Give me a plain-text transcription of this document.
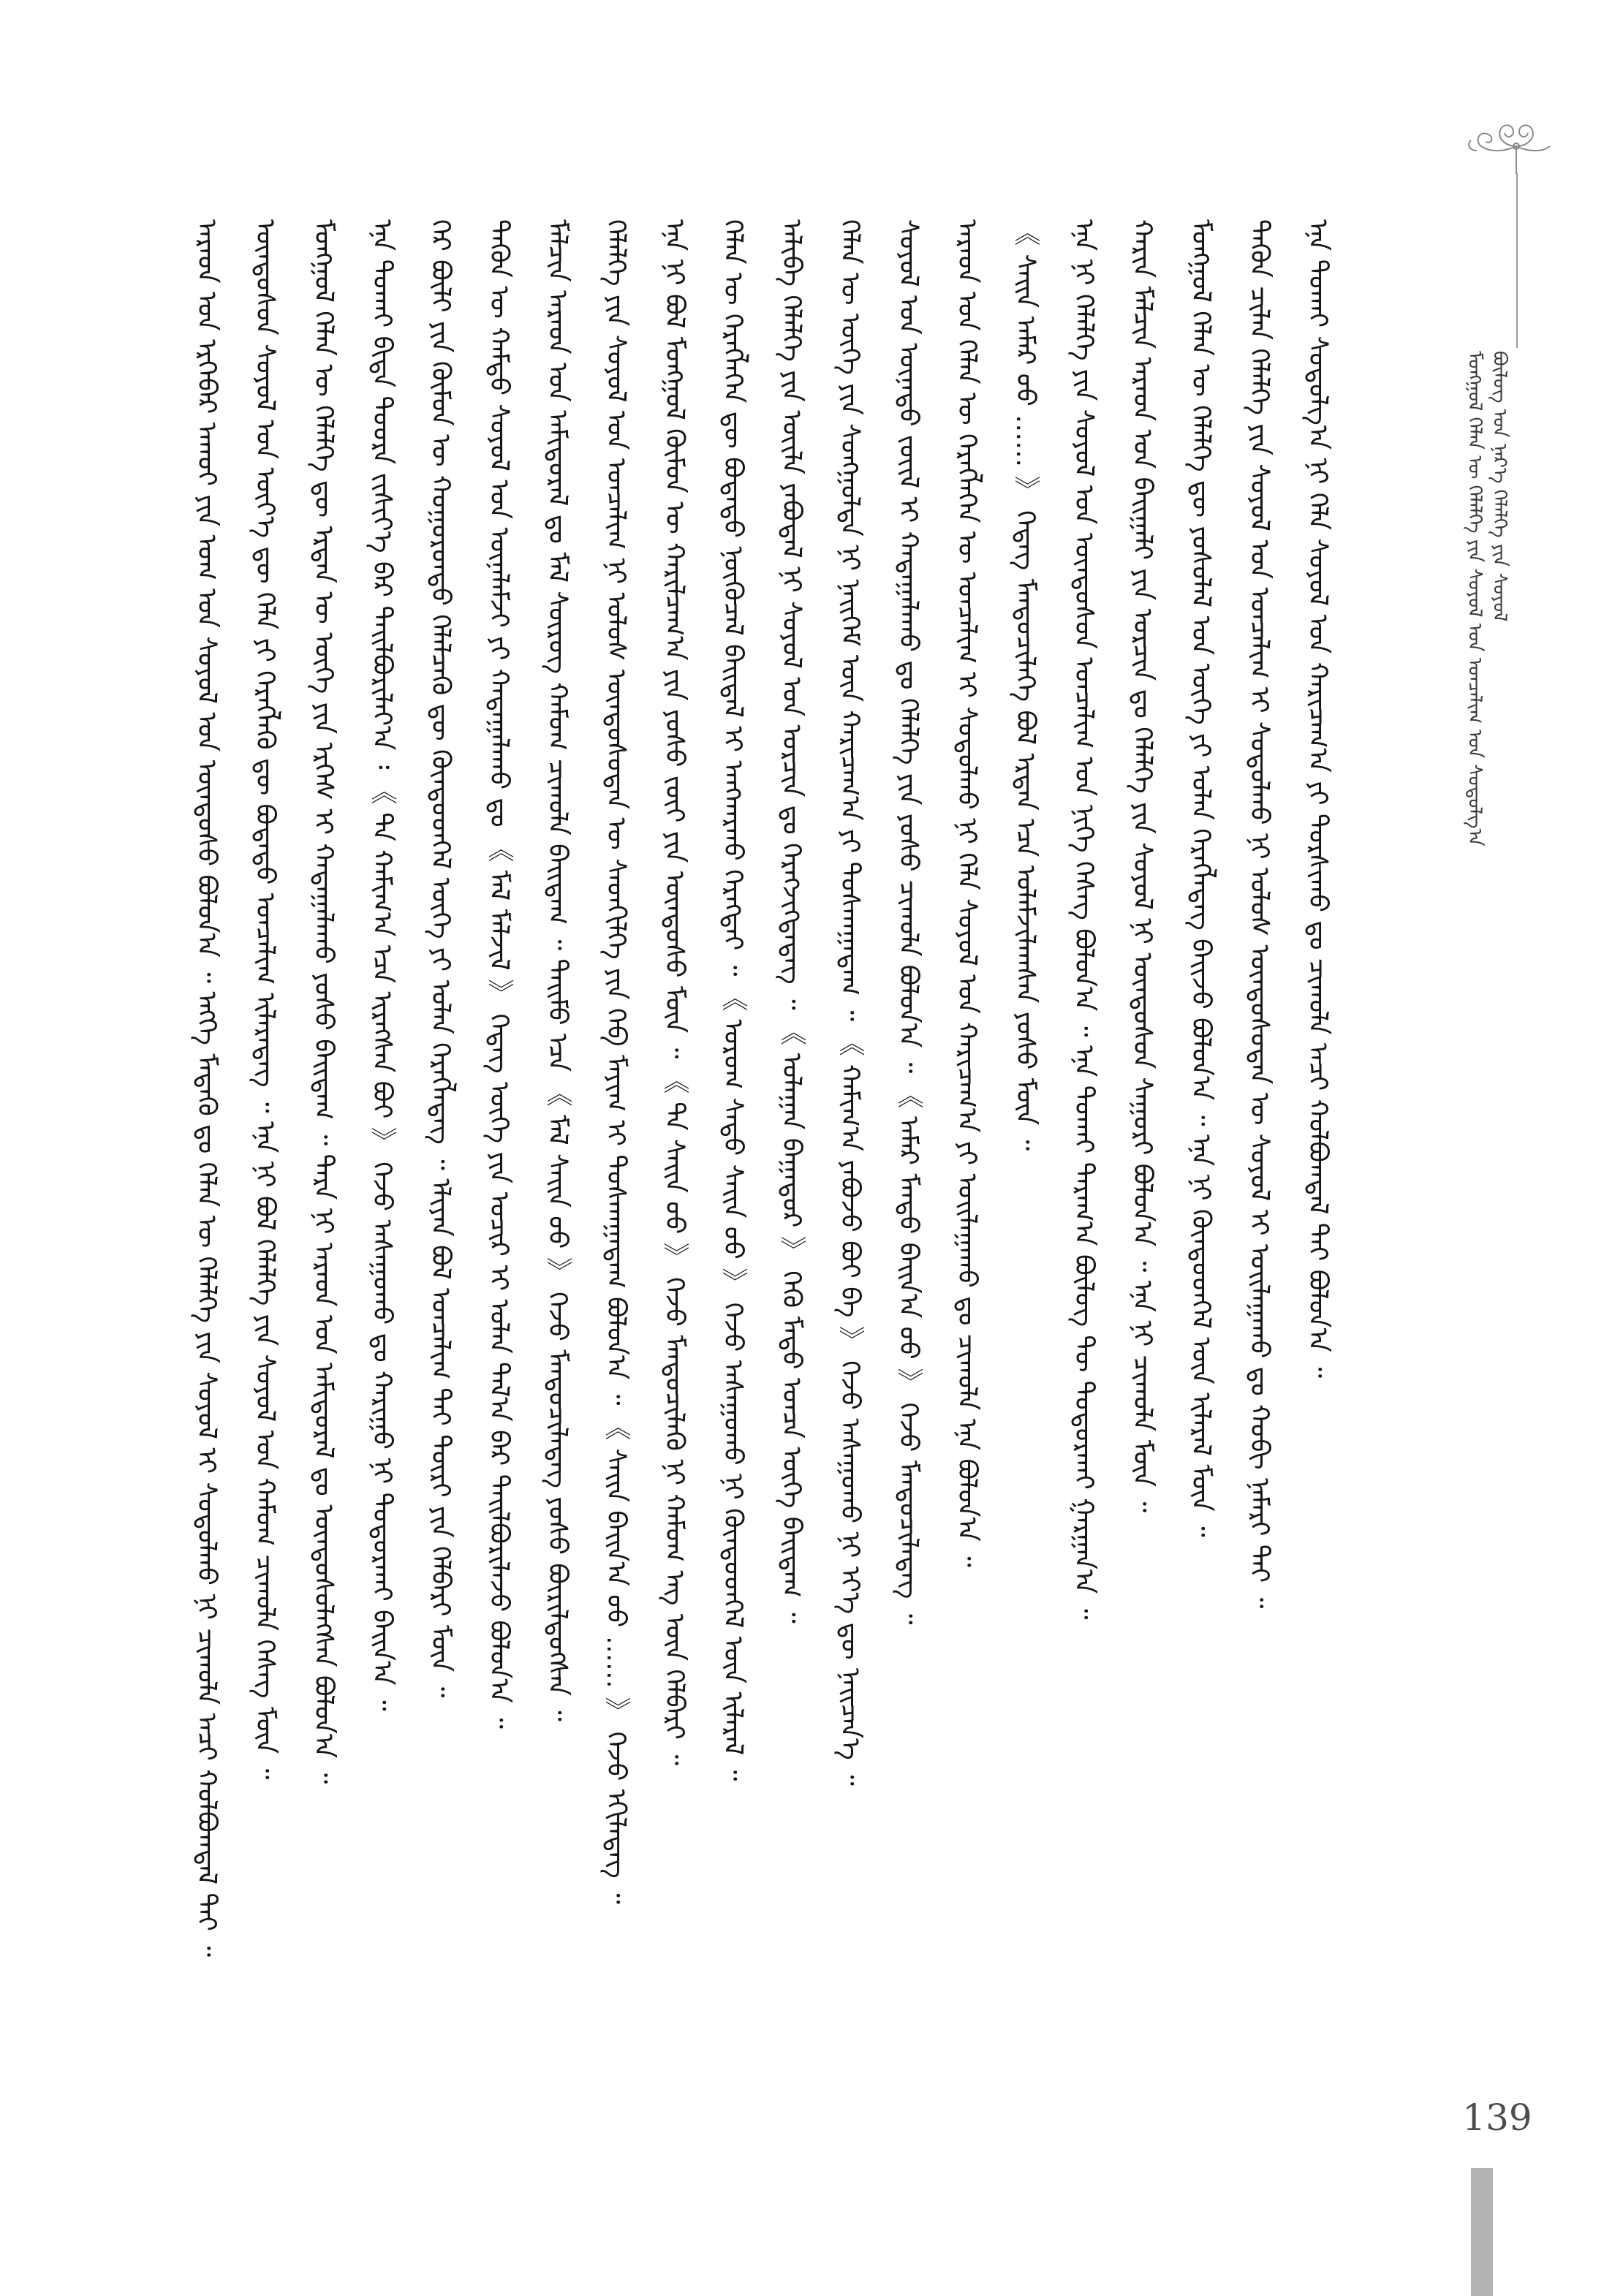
ᠮᠣᠩᠭᠣᠯ ᠬᠡᠯᠡᠨ ᠦ ᠬᠡᠯᠡᠯᠭᠡ ᠶᠢᠨ ᠰᠣᠶᠣᠯ ᠤᠨ ᠣᠨᠴᠠᠯᠢᠭ ᠤᠨ ᠰᠤᠳᠤᠯᠭ᠎ᠠ ᠪᠦᠯᠦᠭ ᠤᠨ ᠨᠡᠷ᠎ᠡ ᠬᠡᠯᠡᠯᠭᠡ ᠶᠢᠨ ᠰᠣᠶᠣᠯ
ᠠᠷᠠᠳ ᠤᠨ ᠡᠷᠬᠡᠪᠡᠷ ᠠᠬᠤᠢ ᠶᠢᠨ ᠤᠭ ᠤᠨ ᠰᠣᠶᠣᠯ ᠤᠨ ᠦᠨᠳᠦᠰᠦ ᠪᠣᠯᠤᠨ᠎ᠠ ᠃ ᠡᠩᠭᠡ ᠮᠡᠳᠡᠬᠦ ᠳᠤ ᠬᠡᠯᠡᠨ ᠦ ᠬᠡᠯᠡᠯᠭᠡ ᠶᠢᠨ ᠰᠣᠶᠣᠯ ᠢ ᠰᠤᠳᠤᠯᠬᠤ ᠨᠢ ᠴᠢᠬᠤᠯᠠ ᠠᠴᠢ ᠬᠣᠯᠪᠣᠭᠳᠠᠯ ᠲᠠᠢ ᠃ ᠦᠨᠳᠦᠰᠦᠨ ᠰᠣᠶᠣᠯ ᠤᠨ ᠦᠶ᠎ᠡ ᠳᠦ ᠬᠡᠯᠡ ᠶᠢ ᠬᠡᠷᠡᠭᠯᠡᠬᠦ ᠳᠦ ᠪᠣᠳᠠᠲᠤ ᠣᠨᠴᠠᠯᠢᠭ ᠢᠯᠡᠷᠡᠳᠡᠭ ᠃ ᠡᠨᠡ ᠨᠢ ᠪᠣᠯ ᠬᠡᠯᠡᠯᠭᠡ ᠶᠢᠨ ᠰᠣᠶᠣᠯ ᠤᠨ ᠬᠠᠮᠤᠭ ᠴᠢᠬᠤᠯᠠ ᠬᠡᠰᠡᠭ ᠮᠥᠨ ᠃ ᠮᠣᠩᠭᠣᠯ ᠬᠡᠯᠡᠨ ᠦ ᠬᠡᠯᠡᠯᠭᠡ ᠳᠦ ᠡᠷᠲᠡᠨ ᠦ ᠦᠭᠡ ᠶᠢᠨ ᠡᠷᠬᠡᠰ ᠢ ᠬᠠᠳᠠᠭᠠᠯᠠᠬᠤ ᠶᠣᠰᠤ ᠪᠠᠢᠳᠠᠭ ᠃ ᠲᠡᠷᠡ ᠨᠢ ᠠᠷᠠᠳ ᠤᠨ ᠠᠮᠢᠳᠤᠷᠠᠯ ᠳᠤ ᠦᠨᠳᠦᠰᠦᠯᠡᠭᠰᠡᠨ ᠪᠣᠯᠤᠨ᠎ᠠ ᠃ ᠡᠨᠡ ᠲᠤᠬᠠᠢ ᠪᠢᠳᠡ ᠳᠣᠣᠷᠠ ᠵᠢᠱᠢᠶ᠎ᠡ ᠪᠡᠷ ᠲᠠᠢᠯᠪᠤᠷᠢᠯᠠᠶ᠎ᠠ ᠄ 《 ᠲᠠ ᠬᠠᠮᠢᠭ᠎ᠠ ᠡᠴᠡ ᠢᠷᠡᠭᠰᠡᠨ ᠪᠤᠢ 》 ᠭᠡᠵᠦ ᠠᠰᠠᠭᠤᠬᠤ ᠳᠤ ᠬᠠᠷᠢᠭᠤ ᠨᠢ ᠲᠣᠳᠣᠷᠬᠠᠢ ᠪᠠᠢᠨ᠎ᠠ ᠃ ᠭᠡᠷ ᠪᠦᠯᠢ ᠶᠢᠨ ᠬᠦᠮᠦᠨ ᠦ ᠬᠣᠭᠣᠷᠣᠨᠳᠤ ᠬᠡᠯᠡᠯᠴᠡᠬᠦ ᠳᠦ ᠬᠦᠨᠳᠦᠳᠬᠡᠯ ᠦᠭᠡ ᠶᠢ ᠣᠯᠠᠨ ᠬᠡᠷᠡᠭᠯᠡᠳᠡᠭ ᠃ ᠡᠯᠢᠶᠡᠨ ᠪᠣᠯ ᠣᠨᠴᠠᠯᠢᠭ ᠲᠠᠢ ᠳᠦᠷᠢ ᠶᠢᠨ ᠬᠡᠯᠪᠡᠷᠢ ᠮᠥᠨ ᠃ ᠲᠡᠭᠦᠨ ᠦ ᠬᠠᠮᠲᠤ ᠰᠣᠶᠣᠯ ᠤᠨ ᠦᠨᠡᠯᠡᠮᠵᠢ ᠶᠢ ᠬᠠᠳᠠᠭᠠᠯᠠᠬᠤ ᠳᠤ 《 ᠮᠠᠯ ᠮᠠᠯᠵᠢᠯ 》 ᠭᠡᠳᠡᠭ ᠦᠭᠡ ᠶᠢᠨ ᠤᠴᠢᠷ ᠢ ᠣᠯᠠᠨ ᠲᠠᠯ᠎ᠠ ᠪᠡᠷ ᠲᠠᠢᠯᠪᠤᠷᠢᠯᠠᠵᠤ ᠪᠣᠯᠤᠨ᠎ᠠ ᠃ ᠮᠠᠯᠴᠢᠨ ᠠᠷᠠᠳ ᠤᠨ ᠠᠮᠢᠳᠤᠷᠠᠯ ᠳᠤ ᠮᠠᠯ ᠰᠦᠷᠦᠭ ᠬᠠᠮᠤᠭ ᠴᠢᠬᠤᠯᠠ ᠪᠠᠢᠳᠠᠭ ᠃ ᠲᠡᠢᠮᠦ ᠡᠴᠡ 《 ᠮᠠᠯ ᠰᠠᠢᠨ ᠤᠤ 》 ᠭᠡᠵᠦ ᠮᠡᠨᠳᠦᠴᠢᠯᠡᠳᠡᠭ ᠶᠣᠰᠤ ᠪᠦᠷᠢᠯᠳᠦᠭᠰᠡᠨ ᠃ ᠬᠡᠯᠡᠯᠭᠡ ᠶᠢᠨ ᠰᠣᠶᠣᠯ ᠤᠨ ᠣᠨᠴᠠᠯᠢᠭ ᠨᠢ ᠤᠯᠤᠰ ᠦᠨᠳᠦᠰᠦᠲᠡᠨ ᠦ ᠰᠡᠳᠬᠢᠯᠭᠡ ᠶᠢᠨ ᠬᠡᠪ ᠮᠠᠶᠢᠭ ᠢ ᠲᠤᠰᠬᠠᠭᠠᠳᠠᠭ ᠪᠣᠯᠤᠨ᠎ᠠ ᠃ 《 ᠰᠠᠢᠨ ᠪᠠᠢᠨ᠎ᠠ ᠤᠤ …… 》 ᠭᠡᠵᠦ ᠡᠬᠢᠯᠡᠳᠡᠭ ᠃ ᠡᠨᠡ ᠨᠢ ᠪᠣᠯ ᠮᠣᠩᠭᠣᠯ ᠬᠦᠮᠦᠨ ᠦ ᠬᠠᠷᠢᠯᠴᠠᠭ᠎ᠠ ᠶᠢᠨ ᠶᠣᠰᠤ ᠵᠦᠢ ᠶᠢᠨ ᠦᠨᠳᠦᠰᠦ ᠮᠥᠨ ᠃ 《 ᠲᠠ ᠰᠠᠢᠨ ᠤᠤ 》 ᠭᠡᠵᠦ ᠮᠡᠨᠳᠦᠴᠢᠯᠡᠬᠦ ᠨᠢ ᠬᠠᠮᠤᠭ ᠡᠩ ᠦᠨ ᠬᠡᠯᠪᠡᠷᠢ ᠃ ᠬᠡᠯᠡᠨ ᠦ ᠬᠡᠷᠡᠭᠯᠡᠭᠡᠨ ᠳᠦ ᠪᠣᠳᠠᠲᠤ ᠨᠥᠬᠦᠴᠡᠯ ᠪᠠᠢᠳᠠᠯ ᠢ ᠠᠨᠭᠬᠠᠷᠬᠤ ᠬᠡᠷᠡᠭᠲᠡᠢ ᠃ 《 ᠤᠷᠤᠭ ᠰᠠᠳᠤ ᠰᠠᠢᠨ ᠤᠤ 》 ᠭᠡᠵᠦ ᠠᠰᠠᠭᠤᠬᠤ ᠨᠢ ᠬᠦᠨᠳᠦᠳᠬᠡᠯ ᠦᠨ ᠢᠯᠡᠷᠡᠯ ᠃ ᠠᠯᠢᠪᠠ ᠬᠡᠯᠡᠯᠭᠡ ᠶᠢᠨ ᠦᠢᠯᠡ ᠶᠠᠪᠤᠳᠠᠯ ᠨᠢ ᠰᠣᠶᠣᠯ ᠤᠨ ᠣᠷᠴᠢᠨ ᠳᠤ ᠬᠡᠷᠡᠭᠵᠢᠭᠳᠡᠳᠡᠭ ᠃ 《 ᠤᠯᠠᠭᠠᠨ ᠪᠠᠭᠠᠲᠤᠷ 》 ᠭᠡᠬᠦ ᠮᠡᠲᠦ ᠣᠨᠴᠠ ᠦᠭᠡ ᠪᠠᠢᠳᠠᠭ ᠃ ᠬᠡᠯᠡᠨ ᠦ ᠦᠭᠡ ᠶᠢᠨ ᠰᠣᠩᠭᠣᠯᠲᠠ ᠨᠢ ᠨᠡᠢᠭᠡᠮ ᠦᠨ ᠬᠠᠷᠢᠴᠠᠭ᠎ᠠ ᠶᠢ ᠲᠤᠰᠬᠠᠭᠠᠳᠠᠭ ᠃ 《 ᠬᠠᠮᠢᠭ᠎ᠠ ᠶᠠᠪᠤᠵᠤ ᠪᠤᠢ ᠪᠡ 》 ᠭᠡᠵᠦ ᠠᠰᠠᠭᠤᠬᠤ ᠨᠢ ᠡᠶ᠎ᠡ ᠳᠦ ᠨᠡᠢᠴᠡᠨ᠎ᠡ ᠃ ᠰᠣᠶᠣᠯ ᠤᠨ ᠦᠨᠡᠲᠦ ᠵᠦᠢᠯ ᠢ ᠬᠠᠳᠠᠭᠠᠯᠠᠬᠤ ᠳᠤ ᠬᠡᠯᠡᠯᠭᠡ ᠶᠢᠨ ᠶᠣᠰᠤ ᠴᠢᠬᠤᠯᠠ ᠪᠣᠯᠤᠨ᠎ᠠ ᠃ 《 ᠠᠮᠠᠷ ᠮᠡᠨᠳᠦ ᠪᠠᠢᠨ᠎ᠠ ᠤᠤ 》 ᠭᠡᠵᠦ ᠮᠡᠨᠳᠦᠴᠢᠯᠡᠳᠡᠭ ᠃ ᠠᠷᠠᠳ ᠤᠨ ᠬᠡᠯᠡᠨ ᠦ ᠬᠡᠷᠡᠭᠯᠡᠭᠡᠨ ᠦ ᠣᠨᠴᠠᠯᠢᠭ ᠢ ᠰᠤᠳᠤᠯᠬᠤ ᠨᠢ ᠬᠡᠯᠡ ᠰᠣᠶᠣᠯ ᠤᠨ ᠬᠠᠷᠢᠴᠠᠭ᠎ᠠ ᠶᠢ ᠣᠢᠯᠠᠭᠠᠬᠤ ᠳᠤ ᠴᠢᠬᠤᠯᠠ ᠡᠨᠡ ᠪᠣᠯᠤᠨ᠎ᠠ ᠃ 《 ᠰᠠᠢᠨ ᠠᠮᠠᠷ ᠤᠤ …… 》 ᠭᠡᠳᠡᠭ ᠮᠡᠨᠳᠦᠴᠢᠯᠡᠭᠡ ᠪᠣᠯ ᠡᠷᠲᠡᠨ ᠡᠴᠡ ᠤᠯᠠᠮᠵᠢᠯᠠᠭᠰᠠᠨ ᠶᠣᠰᠤ ᠮᠥᠨ ᠃ ᠡᠨᠡ ᠨᠢ ᠬᠡᠯᠡᠯᠭᠡ ᠶᠢᠨ ᠰᠣᠶᠣᠯ ᠤᠨ ᠦᠨᠳᠦᠰᠦᠨ ᠣᠨᠴᠠᠯᠢᠭ ᠤᠨ ᠨᠢᠭᠡ ᠬᠡᠰᠡᠭ ᠪᠣᠯᠤᠨ᠎ᠠ ᠃ ᠡᠨᠡ ᠲᠤᠬᠠᠢ ᠳᠠᠷᠠᠭ᠎ᠠ ᠪᠦᠯᠦᠭ ᠲᠦ ᠲᠣᠳᠣᠷᠬᠠᠢ ᠭᠠᠷᠭᠠᠨ᠎ᠠ ᠃ ᠬᠠᠷᠢᠨ ᠮᠠᠯᠴᠢᠨ ᠠᠷᠠᠳ ᠤᠨ ᠪᠠᠢᠭᠠᠯᠢ ᠶᠢᠨ ᠣᠷᠴᠢᠨ ᠳᠤ ᠬᠡᠯᠡᠯᠭᠡ ᠶᠢᠨ ᠰᠣᠶᠣᠯ ᠨᠢ ᠦᠨᠳᠦᠰᠦᠨ ᠰᠠᠭᠤᠷᠢ ᠪᠣᠯᠤᠨ᠎ᠠ ᠃ ᠡᠨᠡ ᠨᠢ ᠴᠢᠬᠤᠯᠠ ᠮᠥᠨ ᠃ ᠮᠣᠩᠭᠣᠯ ᠬᠡᠯᠡᠨ ᠦ ᠬᠡᠯᠡᠯᠭᠡ ᠳᠦ ᠶᠣᠰᠤᠯᠠᠯ ᠤᠨ ᠦᠭᠡ ᠶᠢ ᠣᠯᠠᠨ ᠬᠡᠷᠡᠭᠯᠡᠳᠡᠭ ᠪᠠᠢᠵᠤ ᠪᠣᠯᠤᠨ᠎ᠠ ᠃ ᠡᠨᠡ ᠨᠢ ᠬᠦᠨᠳᠦᠳᠬᠡᠯ ᠦᠨ ᠢᠯᠡᠷᠡᠯ ᠮᠥᠨ ᠃ ᠲᠡᠭᠦᠨ ᠴᠢᠯᠡᠨ ᠬᠡᠯᠡᠯᠭᠡ ᠶᠢᠨ ᠰᠣᠶᠣᠯ ᠤᠨ ᠣᠨᠴᠠᠯᠢᠭ ᠢ ᠰᠤᠳᠤᠯᠬᠤ ᠨᠢ ᠤᠯᠤᠰ ᠦᠨᠳᠦᠰᠦᠲᠡᠨ ᠦ ᠰᠣᠶᠣᠯ ᠢ ᠣᠢᠯᠠᠭᠠᠬᠤ ᠳᠤ ᠬᠤᠪᠢ ᠨᠡᠮᠡᠷᠢ ᠲᠠᠢ ᠃ ᠡᠨᠡ ᠲᠤᠬᠠᠢ ᠰᠤᠳᠤᠯᠭ᠎ᠠ ᠨᠢ ᠬᠡᠯᠡ ᠰᠣᠶᠣᠯ ᠤᠨ ᠬᠠᠷᠢᠴᠠᠭ᠎ᠠ ᠶᠢ ᠲᠤᠷᠰᠢᠬᠤ ᠳᠤ ᠴᠢᠬᠤᠯᠠ ᠠᠴᠢ ᠬᠣᠯᠪᠣᠭᠳᠠᠯ ᠲᠠᠢ ᠪᠣᠯᠤᠨ᠎ᠠ ᠃
139
